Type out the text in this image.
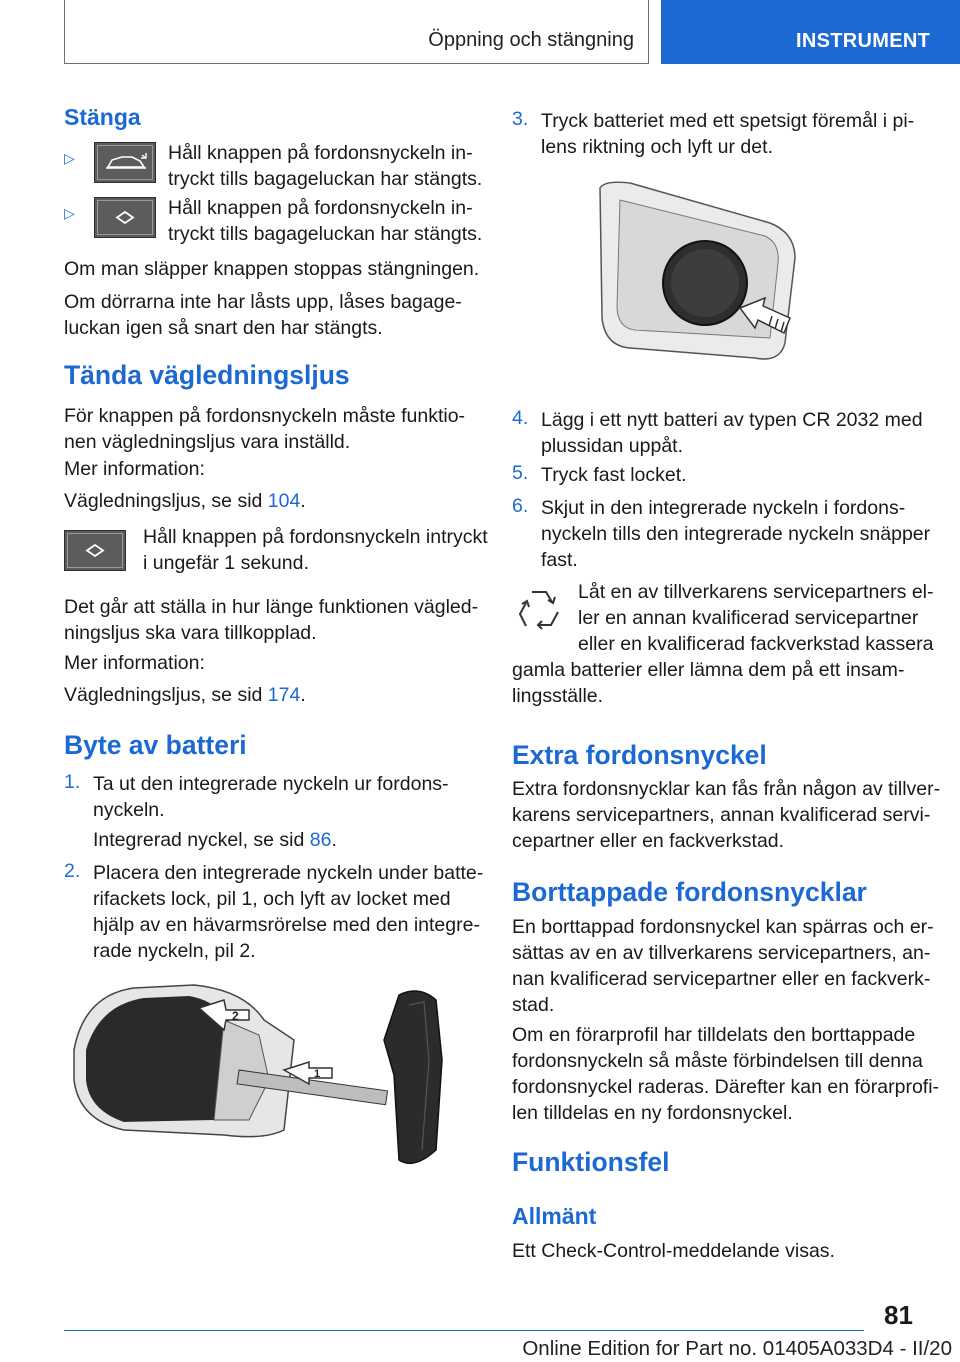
Öppning och stängning	INSTRUMENT
Stänga
▷	Håll knappen på fordonsnyckeln in-
tryckt tills bagageluckan har stängts.
▷	Håll knappen på fordonsnyckeln in-
tryckt tills bagageluckan har stängts.

Om man släpper knappen stoppas stängningen.

Om dörrarna inte har låsts upp, låses bagage-
luckan igen så snart den har stängts.

Tända vägledningsljus

För knappen på fordonsnyckeln måste funktio-
nen vägledningsljus vara inställd.

Mer information:

Vägledningsljus, se sid 104.

Håll knappen på fordonsnyckeln intryckt
i ungefär 1 sekund.

Det går att ställa in hur länge funktionen vägled-
ningsljus ska vara tillkopplad.

Mer information:

Vägledningsljus, se sid 174.

Byte av batteri
1. Ta ut den integrerade nyckeln ur fordons-
nyckeln.

Integrerad nyckel, se sid 86.

2. Placera den integrerade nyckeln under batte-
rifackets lock, pil 1, och lyft av locket med
hjälp av en hävarmsrörelse med den integre-
rade nyckeln, pil 2.
2
1
3. Tryck batteriet med ett spetsigt föremål i pi-
lens riktning och lyft ur det.
4. Lägg i ett nytt batteri av typen CR 2032 med
plussidan uppåt.
5. Tryck fast locket.
6. Skjut in den integrerade nyckeln i fordons-
nyckeln tills den integrerade nyckeln snäpper
fast.
Låt en av tillverkarens servicepartners el-
ler en annan kvalificerad servicepartner
eller en kvalificerad fackverkstad kassera
gamla batterier eller lämna dem på ett insam-
lingsställe.
Extra fordonsnyckel
Extra fordonsnycklar kan fås från någon av tillver-
karens servicepartners, annan kvalificerad servi-
cepartner eller en fackverkstad.
Borttappade fordonsnycklar
En borttappad fordonsnyckel kan spärras och er-
sättas av en av tillverkarens servicepartners, an-
nan kvalificerad servicepartner eller en fackverk-
stad.
Om en förarprofil har tilldelats den borttappade
fordonsnyckeln så måste förbindelsen till denna
fordonsnyckel raderas. Därefter kan en förarprofi-
len tilldelas en ny fordonsnyckel.
Funktionsfel
Allmänt
Ett Check-Control-meddelande visas.
81
Online Edition for Part no. 01405A033D4 - II/20
